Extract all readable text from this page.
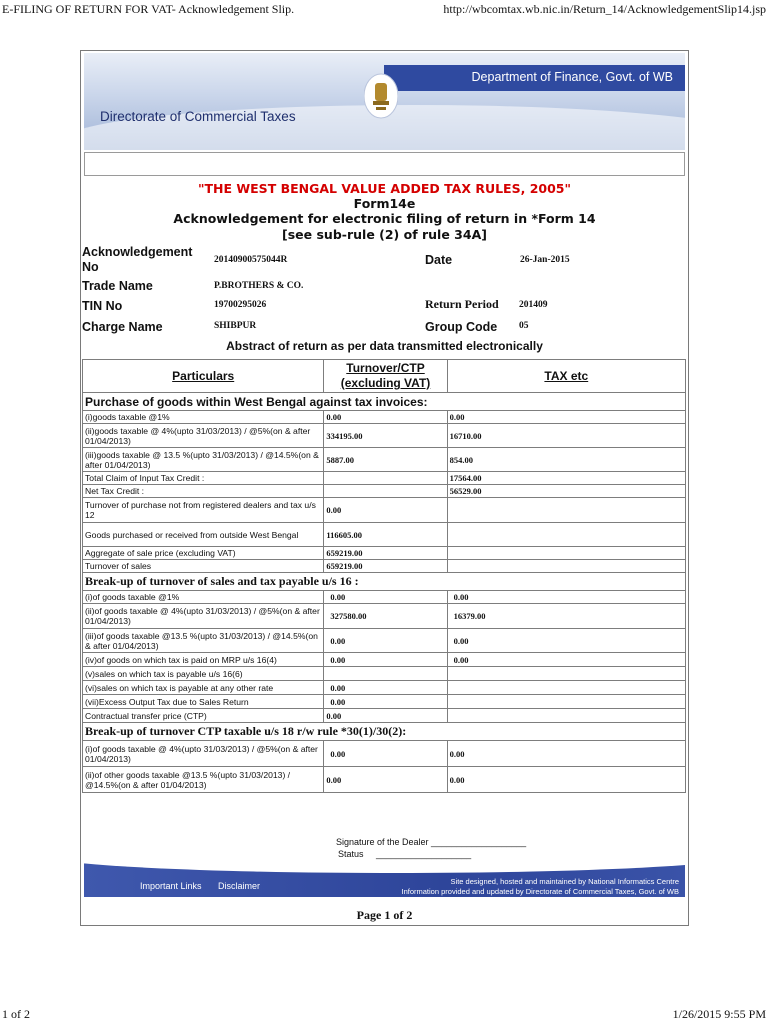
E-FILING OF RETURN FOR VAT- Acknowledgement Slip.	http://wbcomtax.wb.nic.in/Return_14/AcknowledgementSlip14.jsp
Department of Finance, Govt. of WB
Directorate of Commercial Taxes
"THE WEST BENGAL VALUE ADDED TAX RULES, 2005"
Form14e
Acknowledgement for electronic filing of return in *Form 14
[see sub-rule (2) of rule 34A]
Acknowledgement No	20140900575044R	Date	26-Jan-2015
Trade Name	P.BROTHERS & CO.
TIN No	19700295026	Return Period 201409
Charge Name	SHIBPUR	Group Code 05
Abstract of return as per data transmitted electronically
Particulars	Turnover/CTP (excluding VAT)	TAX etc
Purchase of goods within West Bengal against tax invoices:		
(i)goods taxable @1%	0.00	0.00
(ii)goods taxable @ 4%(upto 31/03/2013) / @5%(on & after 01/04/2013)	334195.00	16710.00
(iii)goods taxable @ 13.5 %(upto 31/03/2013) / @14.5%(on & after 01/04/2013)	5887.00	854.00
Total Claim of Input Tax Credit :		17564.00
Net Tax Credit :		56529.00
Turnover of purchase not from registered dealers and tax u/s 12	0.00	
Goods purchased or received from outside West Bengal	116605.00	
Aggregate of sale price (excluding VAT)	659219.00	
Turnover of sales	659219.00	
Break-up of turnover of sales and tax payable u/s 16 :		
(i)of goods taxable @1%	0.00	0.00
(ii)of goods taxable @ 4%(upto 31/03/2013) / @5%(on & after 01/04/2013)	327580.00	16379.00
(iii)of goods taxable @13.5 %(upto 31/03/2013) / @14.5%(on & after 01/04/2013)	0.00	0.00
(iv)of goods on which tax is paid on MRP u/s 16(4)	0.00	0.00
(v)sales on which tax is payable u/s 16(6)		
(vi)sales on which tax is payable at any other rate	0.00	
(vii)Excess Output Tax due to Sales Return	0.00	
Contractual transfer price (CTP)	0.00	
Break-up of turnover CTP taxable u/s 18 r/w rule *30(1)/30(2):		
(i)of goods taxable @ 4%(upto 31/03/2013) / @5%(on & after 01/04/2013)	0.00	0.00
(ii)of other goods taxable @13.5 %(upto 31/03/2013) / @14.5%(on & after 01/04/2013)	0.00	0.00
Signature of the Dealer ___________________
Status     ___________________
Important Links Disclaimer	Site designed, hosted and maintained by National Informatics Centre
Information provided and updated by Directorate of Commercial Taxes, Govt. of WB
Page 1 of 2
1 of 2	1/26/2015 9:55 PM
